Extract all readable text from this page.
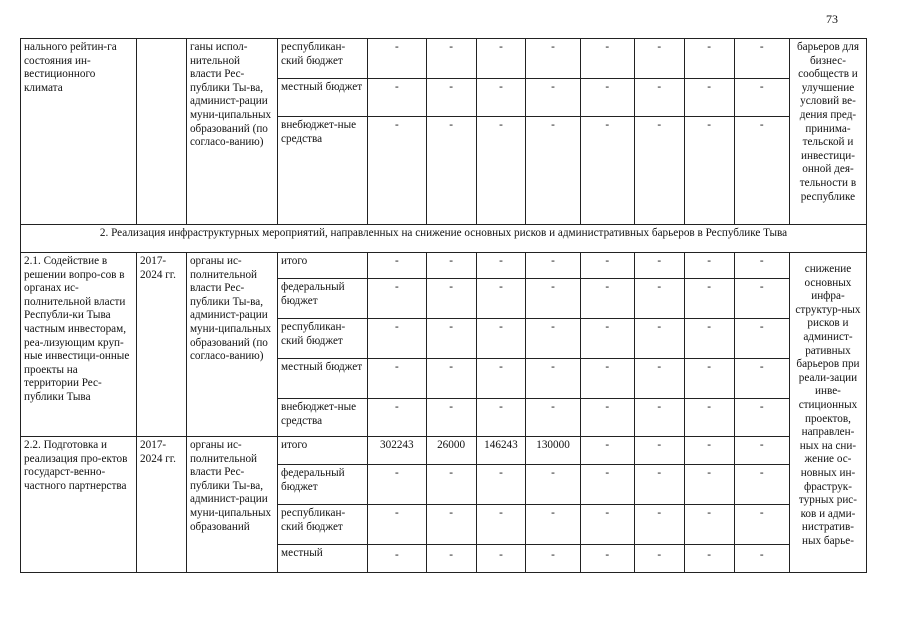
73
нального рейтин-га состояния ин-вестиционного климата		ганы испол-нительной власти Рес-публики Ты-ва, админист-рации муни-ципальных образований (по согласо-ванию)	республикан-ский бюджет	-	-	-	-	-	-	-	-	барьеров для бизнес-сообществ и улучшение условий ве-дения пред-принима-тельской и инвестици-онной дея-тельности в республике
			местный бюджет	-	-	-	-	-	-	-	-	
			внебюджет-ные средства	-	-	-	-	-	-	-	-	
2. Реализация инфраструктурных мероприятий, направленных на снижение основных рисков и административных барьеров в Республике Тыва												
2.1. Содействие в решении вопро-сов в органах ис-полнительной власти Республи-ки Тыва частным инвесторам, реа-лизующим круп-ные инвестици-онные проекты на территории Рес-публики Тыва	2017-2024 гг.	органы ис-полнительной власти Рес-публики Ты-ва, админист-рации муни-ципальных образований (по согласо-ванию)	итого	-	-	-	-	-	-	-	-	снижение основных инфра-структур-ных рисков и админист-ративных барьеров при реали-зации инве-стиционных проектов, направлен-ных на сни-жение ос-новных ин-фраструк-турных рис-ков и адми-нистратив-ных барье-
			федеральный бюджет	-	-	-	-	-	-	-	-	
			республикан-ский бюджет	-	-	-	-	-	-	-	-	
			местный бюджет	-	-	-	-	-	-	-	-	
			внебюджет-ные средства	-	-	-	-	-	-	-	-	
2.2. Подготовка и реализация про-ектов государст-венно-частного партнерства	2017-2024 гг.	органы ис-полнительной власти Рес-публики Ты-ва, админист-рации муни-ципальных образований	итого	302243	26000	146243	130000	-	-	-	-	
			федеральный бюджет	-	-	-	-	-	-	-	-	
			республикан-ский бюджет	-	-	-	-	-	-	-	-	
			местный	-	-	-	-	-	-	-	-	
